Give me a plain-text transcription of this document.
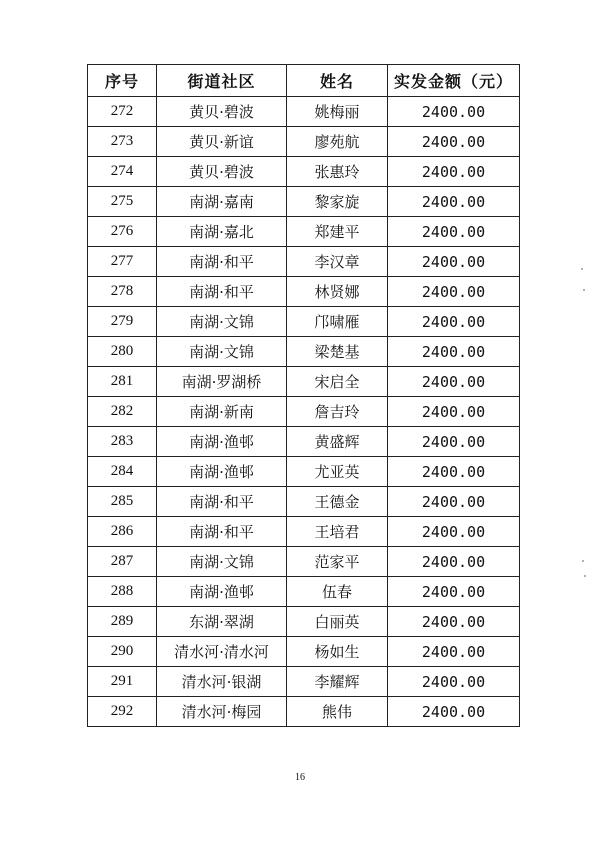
序号	街道社区	姓名	实发金额（元）
272	黄贝·碧波	姚梅丽	2400.00
273	黄贝·新谊	廖苑航	2400.00
274	黄贝·碧波	张惠玲	2400.00
275	南湖·嘉南	黎家旋	2400.00
276	南湖·嘉北	郑建平	2400.00
277	南湖·和平	李汉章	2400.00
278	南湖·和平	林贤娜	2400.00
279	南湖·文锦	邝啸雁	2400.00
280	南湖·文锦	梁楚基	2400.00
281	南湖·罗湖桥	宋启全	2400.00
282	南湖·新南	詹吉玲	2400.00
283	南湖·渔邨	黄盛辉	2400.00
284	南湖·渔邨	尤亚英	2400.00
285	南湖·和平	王德金	2400.00
286	南湖·和平	王培君	2400.00
287	南湖·文锦	范家平	2400.00
288	南湖·渔邨	伍春	2400.00
289	东湖·翠湖	白丽英	2400.00
290	清水河·清水河	杨如生	2400.00
291	清水河·银湖	李耀辉	2400.00
292	清水河·梅园	熊伟	2400.00
16
